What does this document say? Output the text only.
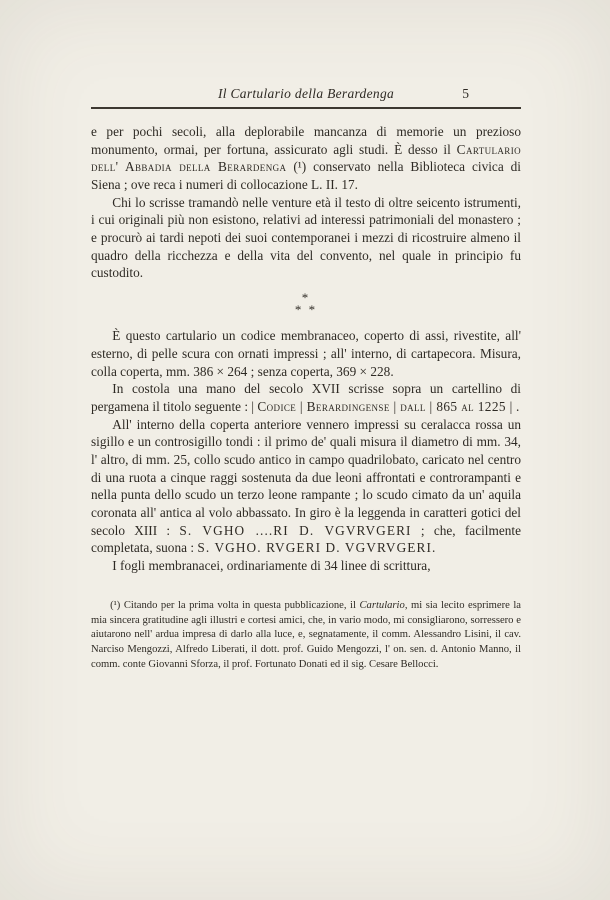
Il Cartulario della Berardenga	5

e per pochi secoli, alla deplorabile mancanza di memorie un prezioso monumento, ormai, per fortuna, assicurato agli studi. È desso il Cartulario dell' Abbadia della Berardenga (¹) conservato nella Biblioteca civica di Siena ; ove reca i numeri di collocazione L. II. 17.

Chi lo scrisse tramandò nelle venture età il testo di oltre seicento istrumenti, i cui originali più non esistono, relativi ad interessi patrimoniali del monastero ; e procurò ai tardi nepoti dei suoi contemporanei i mezzi di ricostruire almeno il quadro della ricchezza e della vita del convento, nel quale in principio fu custodito.

*
* *

È questo cartulario un codice membranaceo, coperto di assi, rivestite, all' esterno, di pelle scura con ornati impressi ; all' interno, di cartapecora. Misura, colla coperta, mm. 386 × 264 ; senza coperta, 369 × 228.

In costola una mano del secolo XVII scrisse sopra un cartellino di pergamena il titolo seguente : | Codice | Berardingense | dall | 865 al 1225 | .

All' interno della coperta anteriore vennero impressi su ceralacca rossa un sigillo e un controsigillo tondi : il primo de' quali misura il diametro di mm. 34, l' altro, di mm. 25, collo scudo antico in campo quadrilobato, caricato nel centro di una ruota a cinque raggi sostenuta da due leoni affrontati e controrampanti e nella punta dello scudo un terzo leone rampante ; lo scudo cimato da un' aquila coronata all' antica al volo abbassato. In giro è la leggenda in caratteri gotici del secolo XIII : S. VGHO ....RI D. VGVRVGERI ; che, facilmente completata, suona : S. VGHO. RVGERI D. VGVRVGERI.

I fogli membranacei, ordinariamente di 34 linee di scrittura,

(¹) Citando per la prima volta in questa pubblicazione, il Cartulario, mi sia lecito esprimere la mia sincera gratitudine agli illustri e cortesi amici, che, in vario modo, mi consigliarono, sorressero e aiutarono nell' ardua impresa di darlo alla luce, e, segnatamente, il comm. Alessandro Lisini, il cav. Narciso Mengozzi, Alfredo Liberati, il dott. prof. Guido Mengozzi, l' on. sen. d. Antonio Manno, il comm. conte Giovanni Sforza, il prof. Fortunato Donati ed il sig. Cesare Bellocci.
